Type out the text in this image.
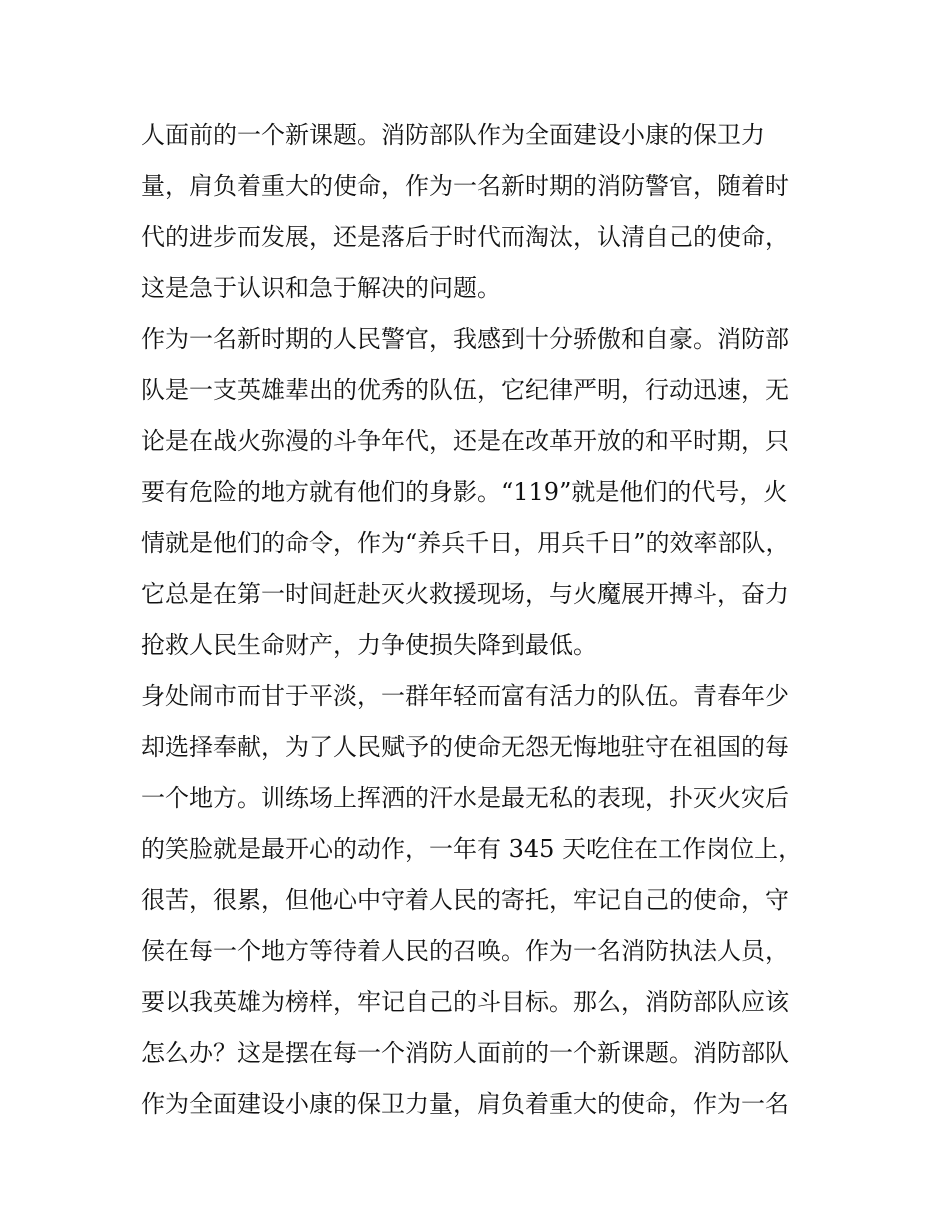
人面前的一个新课题。消防部队作为全面建设小康的保卫力
量，肩负着重大的使命，作为一名新时期的消防警官，随着时
代的进步而发展，还是落后于时代而淘汰，认清自己的使命，
这是急于认识和急于解决的问题。
作为一名新时期的人民警官，我感到十分骄傲和自豪。消防部
队是一支英雄辈出的优秀的队伍，它纪律严明，行动迅速，无
论是在战火弥漫的斗争年代，还是在改革开放的和平时期，只
要有危险的地方就有他们的身影。“119”就是他们的代号，火
情就是他们的命令，作为“养兵千日，用兵千日”的效率部队，
它总是在第一时间赶赴灭火救援现场，与火魔展开搏斗，奋力
抢救人民生命财产，力争使损失降到最低。
身处闹市而甘于平淡，一群年轻而富有活力的队伍。青春年少
却选择奉献，为了人民赋予的使命无怨无悔地驻守在祖国的每
一个地方。训练场上挥洒的汗水是最无私的表现，扑灭火灾后
的笑脸就是最开心的动作，一年有 345 天吃住在工作岗位上，
很苦，很累，但他心中守着人民的寄托，牢记自己的使命，守
侯在每一个地方等待着人民的召唤。作为一名消防执法人员，
要以我英雄为榜样，牢记自己的斗目标。那么，消防部队应该
怎么办？这是摆在每一个消防人面前的一个新课题。消防部队
作为全面建设小康的保卫力量，肩负着重大的使命，作为一名
